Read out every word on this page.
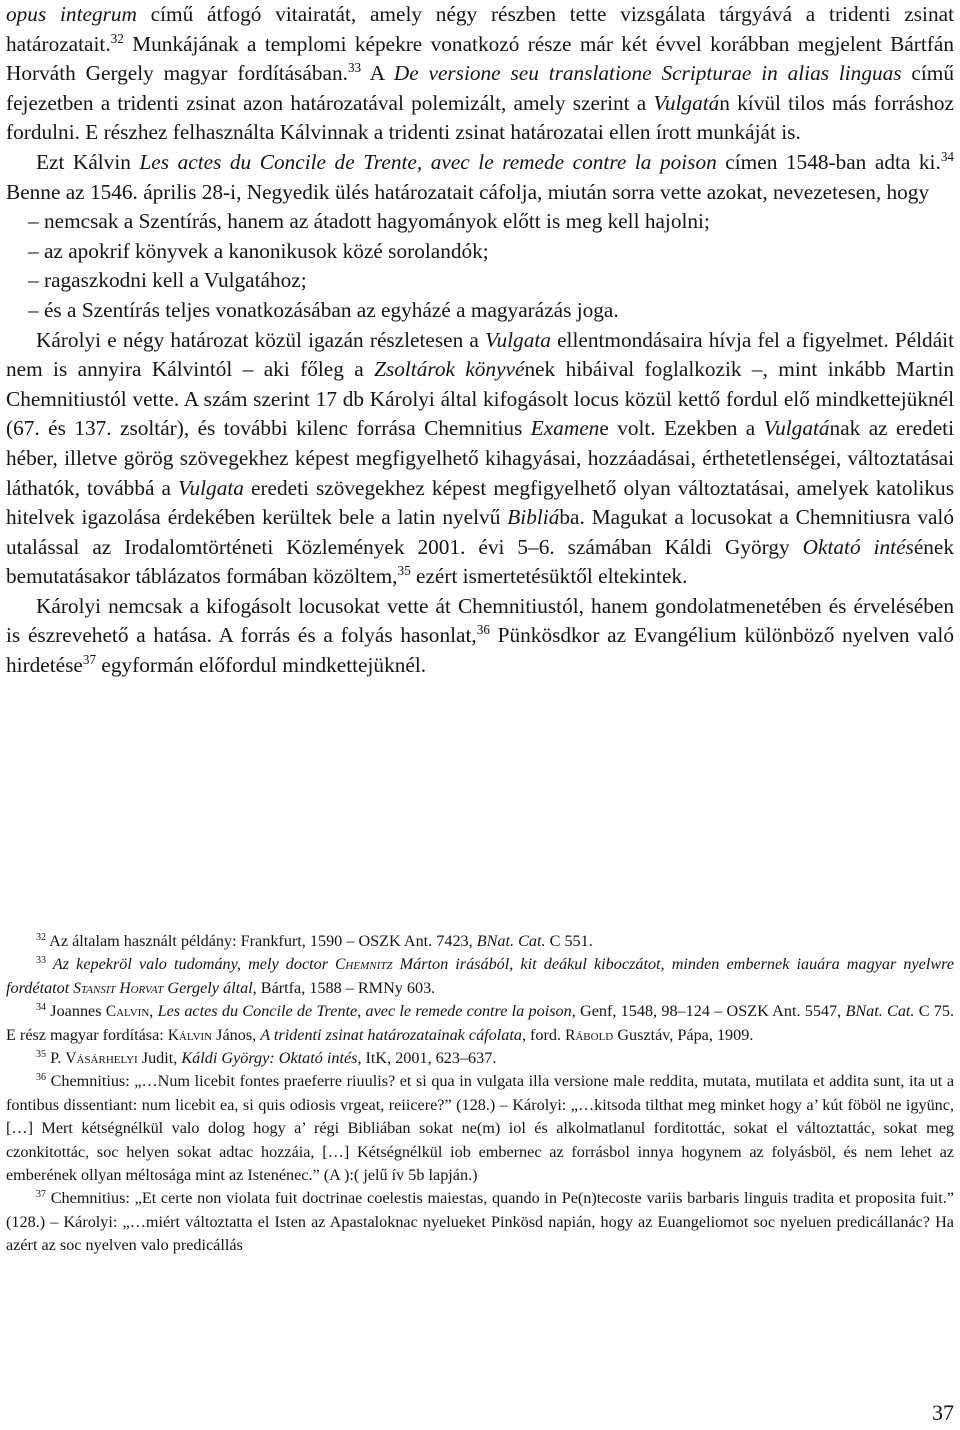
opus integrum című átfogó vitairatát, amely négy részben tette vizsgálata tárgyává a tridenti zsinat határozatait.$^{32}$ Munkájának a templomi képekre vonatkozó része már két évvel korábban megjelent Bártfán Horváth Gergely magyar fordításában.$^{33}$ A De versione seu translatione Scripturae in alias linguas című fejezetben a tridenti zsinat azon határozatával polemizált, amely szerint a Vulgatán kívül tilos más forráshoz fordulni. E részhez felhasználta Kálvinnak a tridenti zsinat határozatai ellen írott munkáját is.

Ezt Kálvin Les actes du Concile de Trente, avec le remede contre la poison címen 1548-ban adta ki.$^{34}$ Benne az 1546. április 28-i, Negyedik ülés határozatait cáfolja, miután sorra vette azokat, nevezetesen, hogy

– nemcsak a Szentírás, hanem az átadott hagyományok előtt is meg kell hajolni;

– az apokrif könyvek a kanonikusok közé sorolandók;

– ragaszkodni kell a Vulgatához;

– és a Szentírás teljes vonatkozásában az egyházé a magyarázás joga.

Károlyi e négy határozat közül igazán részletesen a Vulgata ellentmondásaira hívja fel a figyelmet. Példáit nem is annyira Kálvintól – aki főleg a Zsoltárok könyvének hibáival foglalkozik –, mint inkább Martin Chemnitiustól vette. A szám szerint 17 db Károlyi által kifogásolt locus közül kettő fordul elő mindkettejüknél (67. és 137. zsoltár), és további kilenc forrása Chemnitius Examene volt. Ezekben a Vulgatának az eredeti héber, illetve görög szövegekhez képest megfigyelhető kihagyásai, hozzáadásai, érthetetlenségei, változtatásai láthatók, továbbá a Vulgata eredeti szövegekhez képest megfigyelhető olyan változtatásai, amelyek katolikus hitelvek igazolása érdekében kerültek bele a latin nyelvű Bibliába. Magukat a locusokat a Chemnitiusra való utalással az Irodalomtörténeti Közlemények 2001. évi 5–6. számában Káldi György Oktató intésének bemutatásakor táblázatos formában közöltem,$^{35}$ ezért ismertetésüktől eltekintek.

Károlyi nemcsak a kifogásolt locusokat vette át Chemnitiustól, hanem gondolatmenetében és érvelésében is észrevehető a hatása. A forrás és a folyás hasonlat,$^{36}$ Pünkösdkor az Evangélium különböző nyelven való hirdetése$^{37}$ egyformán előfordul mindkettejüknél.

$^{32}$ Az általam használt példány: Frankfurt, 1590 – OSZK Ant. 7423, BNat. Cat. C 551.

$^{33}$ Az kepekröl valo tudomány, mely doctor Chemnitz Márton irásából, kit deákul kiboczátot, minden embernek iauára magyar nyelwre fordétatot Stansit Horvat Gergely által, Bártfa, 1588 – RMNy 603.

$^{34}$ Joannes Calvin, Les actes du Concile de Trente, avec le remede contre la poison, Genf, 1548, 98–124 – OSZK Ant. 5547, BNat. Cat. C 75. E rész magyar fordítása: Kálvin János, A tridenti zsinat határozatainak cáfolata, ford. Rábold Gusztáv, Pápa, 1909.

$^{35}$ P. Vásárhelyi Judit, Káldi György: Oktató intés, ItK, 2001, 623–637.

$^{36}$ Chemnitius: „…Num licebit fontes praeferre riuulis? et si qua in vulgata illa versione male reddita, mutata, mutilata et addita sunt, ita ut a fontibus dissentiant: num licebit ea, si quis odiosis vrgeat, reiicere?” (128.) – Károlyi: „…kitsoda tilthat meg minket hogy a’ kút föböl ne igyünc, […] Mert kétségnélkül valo dolog hogy a’ régi Bibliában sokat ne(m) iol és alkolmatlanul forditottác, sokat el változtattác, sokat meg czonkitottác, soc helyen sokat adtac hozzáia, […] Kétségnélkül iob embernec az forrásbol innya hogynem az folyásböl, és nem lehet az emberének ollyan méltosága mint az Istenénec.” (A ):( jelű ív 5b lapján.)

$^{37}$ Chemnitius: „Et certe non violata fuit doctrinae coelestis maiestas, quando in Pe(n)tecoste variis barbaris linguis tradita et proposita fuit.” (128.) – Károlyi: „…miért változtatta el Isten az Apastaloknac nyelueket Pinkösd napián, hogy az Euangeliomot soc nyeluen predicállanác? Ha azért az soc nyelven valo predicállás

37
